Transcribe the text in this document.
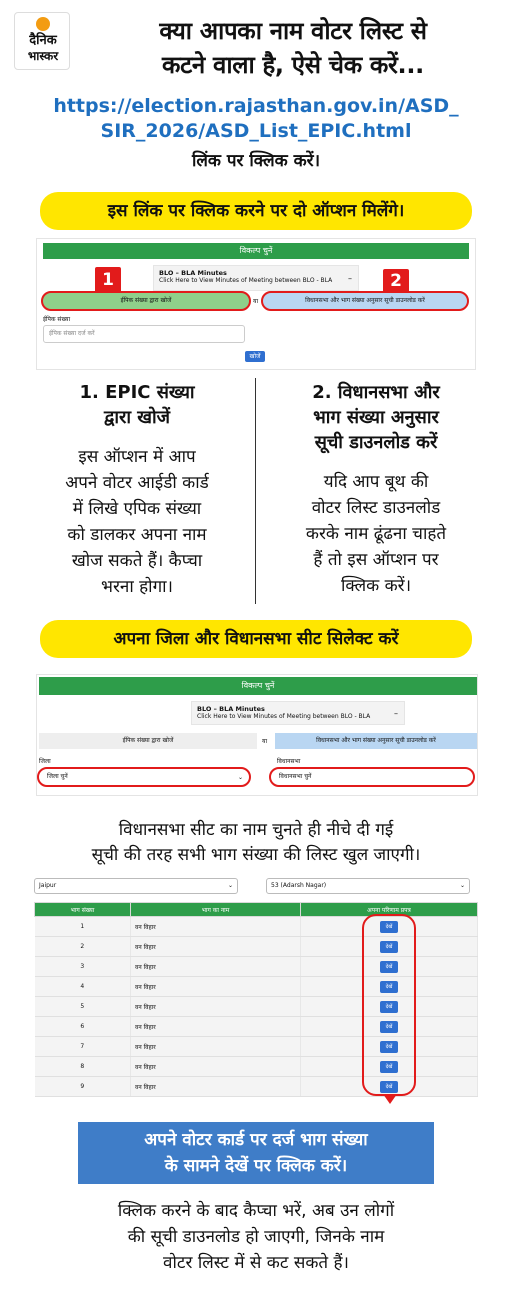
दैनिक
भास्कर
क्या आपका नाम वोटर लिस्ट से
कटने वाला है, ऐसे चेक करें...
https://election.rajasthan.gov.in/ASD_
SIR_2026/ASD_List_EPIC.html
लिंक पर क्लिक करें।
इस लिंक पर क्लिक करने पर दो ऑप्शन मिलेंगे।
विकल्प चुनें
BLO – BLA Minutes
Click Here to View Minutes of Meeting between BLO - BLA	–
1	2
ईपिक संख्या द्वारा खोजें	या	विधानसभा और भाग संख्या अनुसार सूची डाउनलोड करें
ईपिक संख्या
ईपिक संख्या दर्ज करें
खोजें
1. EPIC संख्या
द्वारा खोजें
इस ऑप्शन में आप
अपने वोटर आईडी कार्ड
में लिखे एपिक संख्या
को डालकर अपना नाम
खोज सकते हैं। कैप्चा
भरना होगा।
2. विधानसभा और
भाग संख्या अनुसार
सूची डाउनलोड करें
यदि आप बूथ की
वोटर लिस्ट डाउनलोड
करके नाम ढूंढना चाहते
हैं तो इस ऑप्शन पर
क्लिक करें।
अपना जिला और विधानसभा सीट सिलेक्ट करें
विकल्प चुनें
BLO – BLA Minutes
Click Here to View Minutes of Meeting between BLO - BLA	–
ईपिक संख्या द्वारा खोजें	या	विधानसभा और भाग संख्या अनुसार सूची डाउनलोड करें
जिला
जिला चुनें	⌄
विधानसभा
विधानसभा चुनें
विधानसभा सीट का नाम चुनते ही नीचे दी गई
सूची की तरह सभी भाग संख्या की लिस्ट खुल जाएगी।
Jaipur	⌄	53 (Adarsh Nagar)	⌄
भाग संख्या	भाग का नाम	अपना परिणाम प्रपत्र
1	वन विहार	देखें
2	वन विहार	देखें
3	वन विहार	देखें
4	वन विहार	देखें
5	वन विहार	देखें
6	वन विहार	देखें
7	वन विहार	देखें
8	वन विहार	देखें
9	वन विहार	देखें
अपने वोटर कार्ड पर दर्ज भाग संख्या
के सामने देखें पर क्लिक करें।
क्लिक करने के बाद कैप्चा भरें, अब उन लोगों
की सूची डाउनलोड हो जाएगी, जिनके नाम
वोटर लिस्ट में से कट सकते हैं।
